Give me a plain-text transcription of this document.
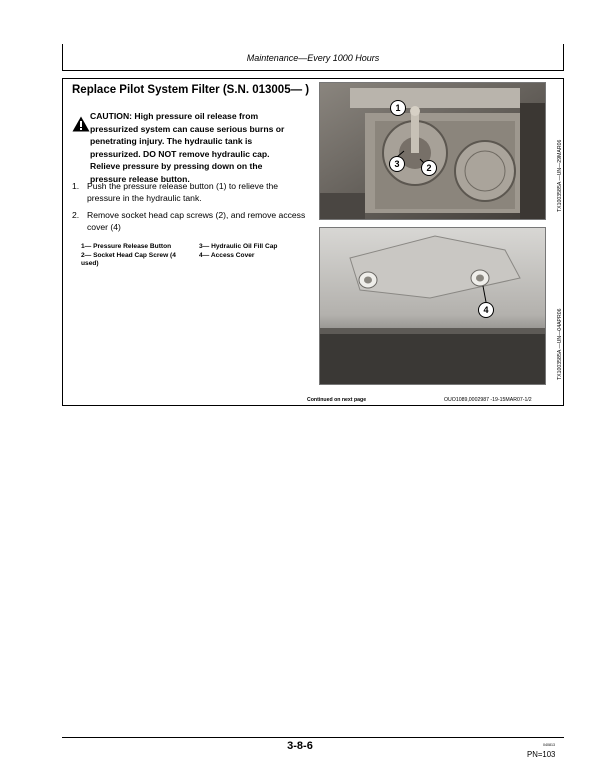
Maintenance—Every 1000 Hours
Replace Pilot System Filter (S.N. 013005— )
CAUTION: High pressure oil release from pressurized system can cause serious burns or penetrating injury. The hydraulic tank is pressurized. DO NOT remove hydraulic cap. Relieve pressure by pressing down on the pressure release button.
1. Push the pressure release button (1) to relieve the pressure in the hydraulic tank.
2. Remove socket head cap screws (2), and remove access cover (4)
1— Pressure Release Button
2— Socket Head Cap Screw (4 used)
3— Hydraulic Oil Fill Cap
4— Access Cover
1
2
3	TX1003585A —UN—29MAR06
4	TX1003585A —UN—04APR06
Continued on next page	OUO1089,0002987 -19-15MAR07-1/2
3-8-6	040813
PN=103
